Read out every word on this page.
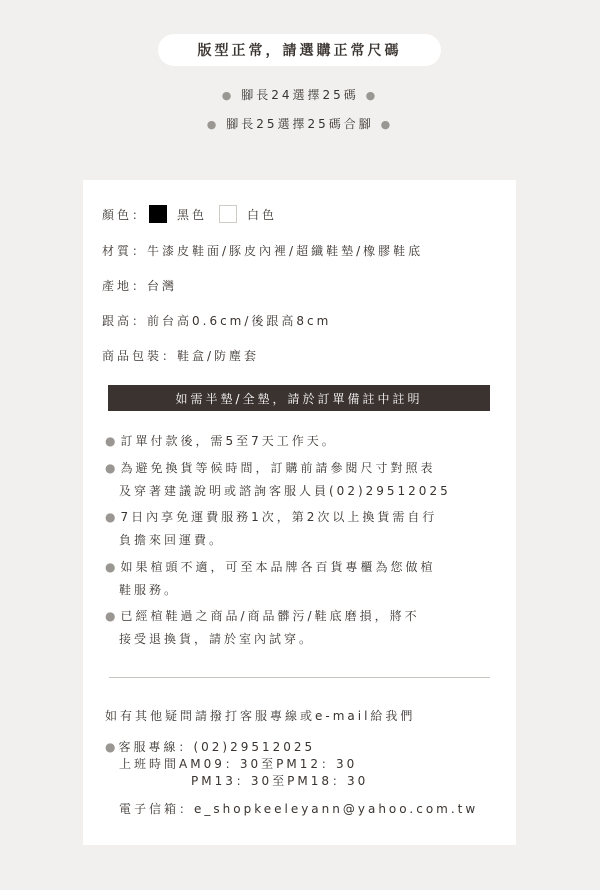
版型正常，請選購正常尺碼
● 腳長24選擇25碼 ●
● 腳長25選擇25碼合腳 ●
顏色：	黑色	白色
材質：牛漆皮鞋面/豚皮內裡/超纖鞋墊/橡膠鞋底
產地：台灣
跟高：前台高0.6cm/後跟高8cm
商品包裝：鞋盒/防塵套
如需半墊/全墊，請於訂單備註中註明
● 訂單付款後，需5至7天工作天。
● 為避免換貨等候時間，訂購前請參閱尺寸對照表
及穿著建議說明或諮詢客服人員(02)29512025
● 7日內享免運費服務1次，第2次以上換貨需自行
負擔來回運費。
● 如果楦頭不適，可至本品牌各百貨專櫃為您做楦
鞋服務。
● 已經楦鞋過之商品/商品髒污/鞋底磨損，將不
接受退換貨，請於室內試穿。
如有其他疑問請撥打客服專線或e-mail給我們
●客服專線：(02)29512025
上班時間AM09：30至PM12：30
PM13：30至PM18：30
電子信箱：e_shopkeeleyann@yahoo.com.tw
